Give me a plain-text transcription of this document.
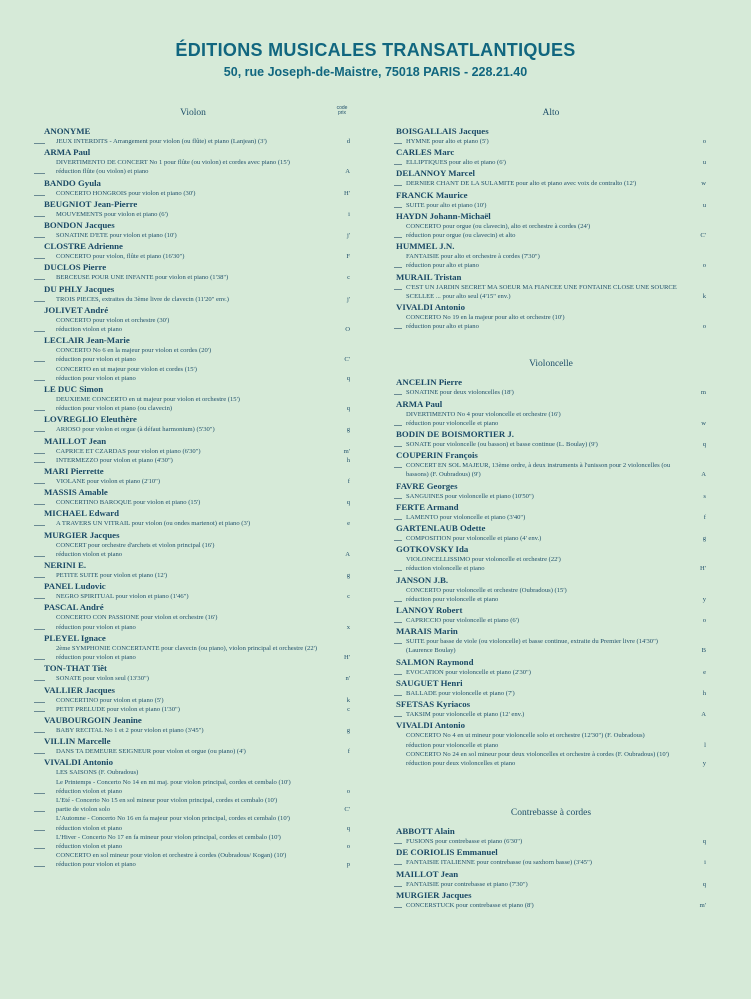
ÉDITIONS MUSICALES TRANSATLANTIQUES
50, rue Joseph-de-Maistre, 75018 PARIS - 228.21.40
Violon	code prix
ANONYME
JEUX INTERDITS - Arrangement pour violon (ou flûte) et piano (Lanjean) (3')	d
ARMA Paul
DIVERTIMENTO DE CONCERT No 1 pour flûte (ou violon) et cordes avec piano (15')
réduction flûte (ou violon) et piano	A
BANDO Gyula
CONCERTO HONGROIS pour violon et piano (30')	H'
BEUGNIOT Jean-Pierre
MOUVEMENTS pour violon et piano (6')	i
BONDON Jacques
SONATINE D'ETE pour violon et piano (10')	j'
CLOSTRE Adrienne
CONCERTO pour violon, flûte et piano (16'30")	F
DUCLOS Pierre
BERCEUSE POUR UNE INFANTE pour violon et piano (1'38")	c
DU PHLY Jacques
TROIS PIECES, extraites du 3ème livre de clavecin (11'20" env.)	j'
JOLIVET André
CONCERTO pour violon et orchestre (30')
réduction violon et piano	O
LECLAIR Jean-Marie
CONCERTO No 6 en la majeur pour violon et cordes (20')
réduction pour violon et piano	C'
CONCERTO en ut majeur pour violon et cordes (15')
réduction pour violon et piano	q
LE DUC Simon
DEUXIEME CONCERTO en ut majeur pour violon et orchestre (15')
réduction pour violon et piano (ou clavecin)	q
LOVREGLIO Eleuthère
ARIOSO pour violon et orgue (à défaut harmonium) (5'30")	g
MAILLOT Jean
CAPRICE ET CZARDAS pour violon et piano (6'30")	m'
INTERMEZZO pour violon et piano (4'30")	h
MARI Pierrette
VIOLANE pour violon et piano (2'10")	f
MASSIS Amable
CONCERTINO BAROQUE pour violon et piano (15')	q
MICHAEL Edward
A TRAVERS UN VITRAIL pour violon (ou ondes martenot) et piano (3')	e
MURGIER Jacques
CONCERT pour orchestre d'archets et violon principal (16')
réduction violon et piano	A
NERINI E.
PETITE SUITE pour violon et piano (12')	g
PANEL Ludovic
NEGRO SPIRITUAL pour violon et piano (1'46")	c
PASCAL André
CONCERTO CON PASSIONE pour violon et orchestre (16')
réduction pour violon et piano	x
PLEYEL Ignace
2ème SYMPHONIE CONCERTANTE pour clavecin (ou piano), violon principal et orchestre (22')
réduction pour violon et piano	H'
TON-THAT Tiêt
SONATE pour violon seul (13'30")	n'
VALLIER Jacques
CONCERTINO pour violon et piano (5')	k
PETIT PRELUDE pour violon et piano (1'30")	c
VAUBOURGOIN Jeanine
BABY RECITAL No 1 et 2 pour violon et piano (3'45")	g
VILLIN Marcelle
DANS TA DEMEURE SEIGNEUR pour violon et orgue (ou piano) (4')	f
VIVALDI Antonio
LES SAISONS (F. Oubradous)
Le Printemps - Concerto No 14 en mi maj. pour violon principal, cordes et cembalo (10')
réduction violon et piano	o
L'Eté - Concerto No 15 en sol mineur pour violon principal, cordes et cembalo (10')
partie de violon solo	C'
L'Automne - Concerto No 16 en fa majeur pour violon principal, cordes et cembalo (10')
réduction violon et piano	q
L'Hiver - Concerto No 17 en fa mineur pour violon principal, cordes et cembalo (10')
réduction violon et piano	o
CONCERTO en sol mineur pour violon et orchestre à cordes (Oubradous/ Kogan) (10')
réduction pour violon et piano	p
Alto
BOISGALLAIS Jacques
HYMNE pour alto et piano (5')	o
CARLES Marc
ELLIPTIQUES pour alto et piano (6')	u
DELANNOY Marcel
DERNIER CHANT DE LA SULAMITE pour alto et piano avec voix de contralto (12')	w
FRANCK Maurice
SUITE pour alto et piano (10')	u
HAYDN Johann-Michaël
CONCERTO pour orgue (ou clavecin), alto et orchestre à cordes (24')
réduction pour orgue (ou clavecin) et alto	C'
HUMMEL J.N.
FANTAISIE pour alto et orchestre à cordes (7'30")
réduction pour alto et piano	o
MURAIL Tristan
C'EST UN JARDIN SECRET MA SOEUR MA FIANCEE UNE FONTAINE CLOSE UNE SOURCE SCELLEE ... pour alto seul (4'15" env.)	k
VIVALDI Antonio
CONCERTO No 19 en la majeur pour alto et orchestre (10')
réduction pour alto et piano	o
Violoncelle
ANCELIN Pierre
SONATINE pour deux violoncelles (18')	m
ARMA Paul
DIVERTIMENTO No 4 pour violoncelle et orchestre (16')
réduction pour violoncelle et piano	w
BODIN DE BOISMORTIER J.
SONATE pour violoncelle (ou basson) et basse continue (L. Boulay) (9')	q
COUPERIN François
CONCERT EN SOL MAJEUR, 13ème ordre, à deux instruments à l'unisson pour 2 violoncelles (ou bassons) (F. Oubradous) (9')	A
FAVRE Georges
SANGUINES pour violoncelle et piano (10'50")	s
FERTE Armand
LAMENTO pour violoncelle et piano (3'40")	f
GARTENLAUB Odette
COMPOSITION pour violoncelle et piano (4' env.)	g
GOTKOVSKY Ida
VIOLONCELLISSIMO pour violoncelle et orchestre (22')
réduction violoncelle et piano	H'
JANSON J.B.
CONCERTO pour violoncelle et orchestre (Oubradous) (15')
réduction pour violoncelle et piano	y
LANNOY Robert
CAPRICCIO pour violoncelle et piano (6')	o
MARAIS Marin
SUITE pour basse de viole (ou violoncelle) et basse continue, extraite du Premier livre (14'30") (Laurence Boulay)	B
SALMON Raymond
EVOCATION pour violoncelle et piano (2'30")	e
SAUGUET Henri
BALLADE pour violoncelle et piano (7')	h
SFETSAS Kyriacos
TAKSIM pour violoncelle et piano (12' env.)	A
VIVALDI Antonio
CONCERTO No 4 en ut mineur pour violoncelle solo et orchestre (12'30") (F. Oubradous)
réduction pour violoncelle et piano	l
CONCERTO No 24 en sol mineur pour deux violoncelles et orchestre à cordes (F. Oubradous) (10')
réduction pour deux violoncelles et piano	y
Contrebasse à cordes
ABBOTT Alain
FUSIONS pour contrebasse et piano (6'30")	q
DE CORIOLIS Emmanuel
FANTAISIE ITALIENNE pour contrebasse (ou saxhorn basse) (3'45")	i
MAILLOT Jean
FANTAISIE pour contrebasse et piano (7'30")	q
MURGIER Jacques
CONCERSTUCK pour contrebasse et piano (8')	m'
